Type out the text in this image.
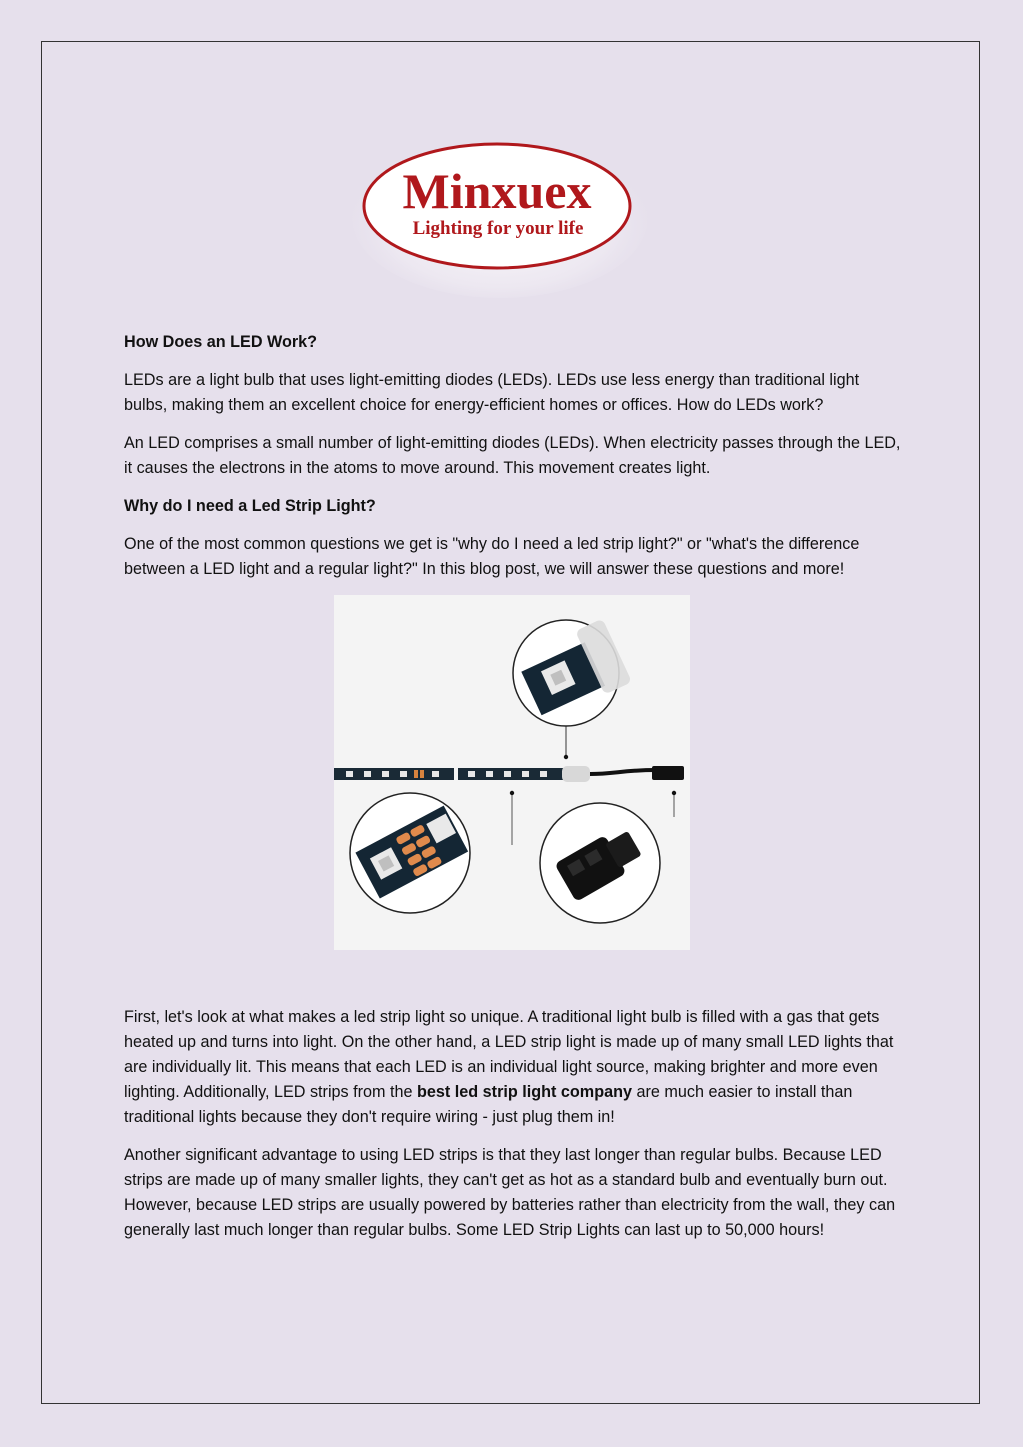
Minxuex
Lighting for your life
How Does an LED Work?

LEDs are a light bulb that uses light-emitting diodes (LEDs). LEDs use less energy than traditional light bulbs, making them an excellent choice for energy-efficient homes or offices. How do LEDs work?

An LED comprises a small number of light-emitting diodes (LEDs). When electricity passes through the LED, it causes the electrons in the atoms to move around. This movement creates light.

Why do I need a Led Strip Light?

One of the most common questions we get is "why do I need a led strip light?" or "what's the difference between a LED light and a regular light?" In this blog post, we will answer these questions and more!

First, let's look at what makes a led strip light so unique. A traditional light bulb is filled with a gas that gets heated up and turns into light. On the other hand, a LED strip light is made up of many small LED lights that are individually lit. This means that each LED is an individual light source, making brighter and more even lighting. Additionally, LED strips from the best led strip light company are much easier to install than traditional lights because they don't require wiring - just plug them in!

Another significant advantage to using LED strips is that they last longer than regular bulbs. Because LED strips are made up of many smaller lights, they can't get as hot as a standard bulb and eventually burn out. However, because LED strips are usually powered by batteries rather than electricity from the wall, they can generally last much longer than regular bulbs. Some LED Strip Lights can last up to 50,000 hours!
